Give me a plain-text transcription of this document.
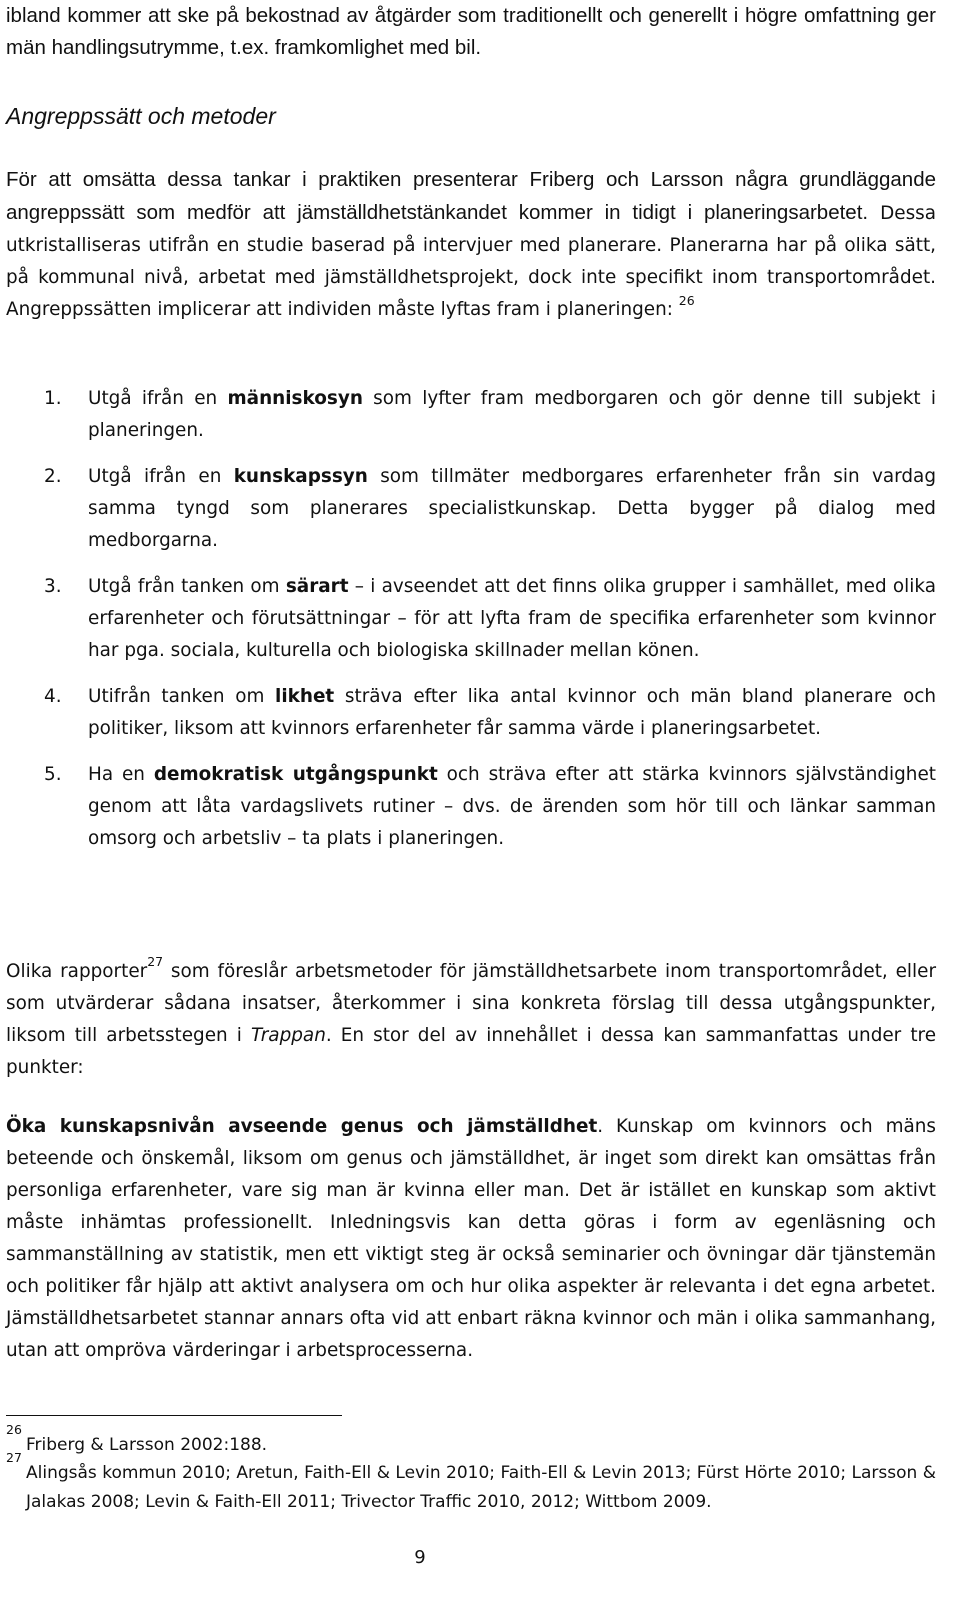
ibland kommer att ske på bekostnad av åtgärder som traditionellt och generellt i högre omfattning ger män handlingsutrymme, t.ex. framkomlighet med bil.
Angreppssätt och metoder
För att omsätta dessa tankar i praktiken presenterar Friberg och Larsson några grundläggande angreppssätt som medför att jämställdhetstänkandet kommer in tidigt i planeringsarbetet. Dessa utkristalliseras utifrån en studie baserad på intervjuer med planerare. Planerarna har på olika sätt, på kommunal nivå, arbetat med jämställdhetsprojekt, dock inte specifikt inom transportområdet. Angreppssätten implicerar att individen måste lyftas fram i planeringen: $^{26}$
1. Utgå ifrån en människosyn som lyfter fram medborgaren och gör denne till subjekt i planeringen.
2. Utgå ifrån en kunskapssyn som tillmäter medborgares erfarenheter från sin vardag samma tyngd som planerares specialistkunskap. Detta bygger på dialog med medborgarna.
3. Utgå från tanken om särart – i avseendet att det finns olika grupper i samhället, med olika erfarenheter och förutsättningar – för att lyfta fram de specifika erfarenheter som kvinnor har pga. sociala, kulturella och biologiska skillnader mellan könen.
4. Utifrån tanken om likhet sträva efter lika antal kvinnor och män bland planerare och politiker, liksom att kvinnors erfarenheter får samma värde i planeringsarbetet.
5. Ha en demokratisk utgångspunkt och sträva efter att stärka kvinnors självständighet genom att låta vardagslivets rutiner – dvs. de ärenden som hör till och länkar samman omsorg och arbetsliv – ta plats i planeringen.
Olika rapporter$^{27}$ som föreslår arbetsmetoder för jämställdhetsarbete inom transportområdet, eller som utvärderar sådana insatser, återkommer i sina konkreta förslag till dessa utgångspunkter, liksom till arbetsstegen i Trappan. En stor del av innehållet i dessa kan sammanfattas under tre punkter:
Öka kunskapsnivån avseende genus och jämställdhet. Kunskap om kvinnors och mäns beteende och önskemål, liksom om genus och jämställdhet, är inget som direkt kan omsättas från personliga erfarenheter, vare sig man är kvinna eller man. Det är istället en kunskap som aktivt måste inhämtas professionellt. Inledningsvis kan detta göras i form av egenläsning och sammanställning av statistik, men ett viktigt steg är också seminarier och övningar där tjänstemän och politiker får hjälp att aktivt analysera om och hur olika aspekter är relevanta i det egna arbetet. Jämställdhetsarbetet stannar annars ofta vid att enbart räkna kvinnor och män i olika sammanhang, utan att ompröva värderingar i arbetsprocesserna.
26
Friberg & Larsson 2002:188.
27
Alingsås kommun 2010; Aretun, Faith-Ell & Levin 2010; Faith-Ell & Levin 2013; Fürst Hörte 2010; Larsson & Jalakas 2008; Levin & Faith-Ell 2011; Trivector Traffic 2010, 2012; Wittbom 2009.
9
